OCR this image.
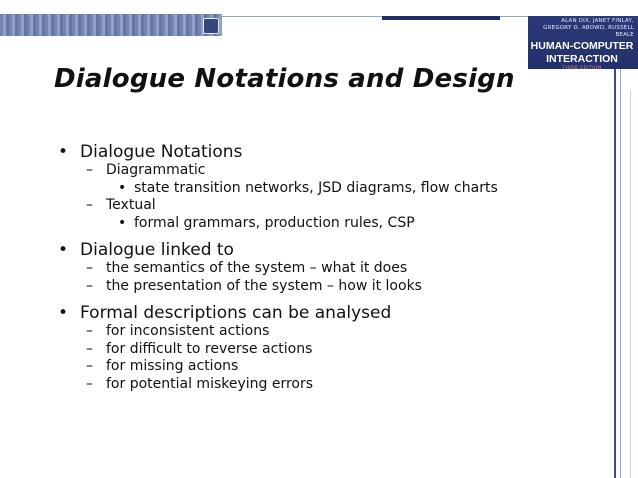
ALAN DIX, JANET FINLAY,
GREGORY D. ABOWD, RUSSELL BEALE
HUMAN-COMPUTER
INTERACTION
THIRD EDITION
Dialogue Notations and Design
• Dialogue Notations
– Diagrammatic
• state transition networks, JSD diagrams, flow charts
– Textual
• formal grammars, production rules, CSP
• Dialogue linked to
– the semantics of the system – what it does
– the presentation of the system – how it looks
• Formal descriptions can be analysed
– for inconsistent actions
– for difficult to reverse actions
– for missing actions
– for potential miskeying errors
